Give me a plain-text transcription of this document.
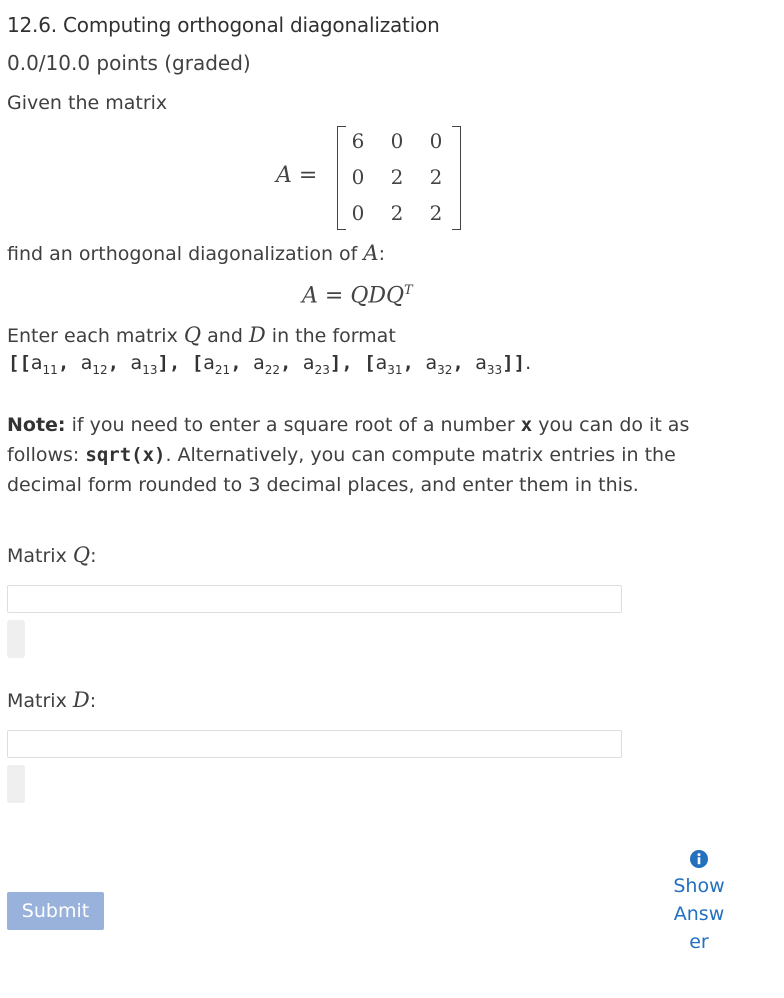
12.6. Computing orthogonal diagonalization
0.0/10.0 points (graded)
Given the matrix
A =
6	0	0
0	2	2
0	2	2
find an orthogonal diagonalization of A:
$A = QDQ^T$
Enter each matrix Q and D in the format
[[$a_{11}$, $a_{12}$, $a_{13}$], [$a_{21}$, $a_{22}$, $a_{23}$], [$a_{31}$, $a_{32}$, $a_{33}$]].
Note: if you need to enter a square root of a number x you can do it as follows: sqrt(x). Alternatively, you can compute matrix entries in the decimal form rounded to 3 decimal places, and enter them in this.
Matrix Q:
Matrix D:
Submit
Show Answer
